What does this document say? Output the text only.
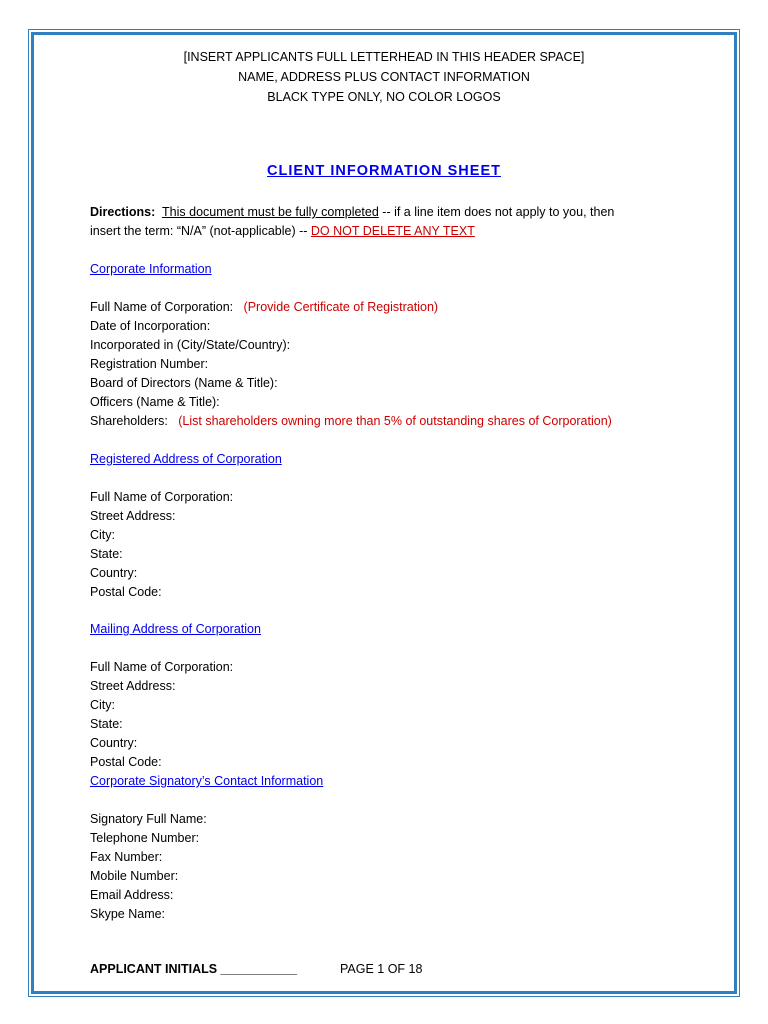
[INSERT APPLICANTS FULL LETTERHEAD IN THIS HEADER SPACE]
NAME, ADDRESS PLUS CONTACT INFORMATION
BLACK TYPE ONLY, NO COLOR LOGOS
CLIENT INFORMATION SHEET
Directions: This document must be fully completed -- if a line item does not apply to you, then
insert the term: “N/A” (not-applicable) -- DO NOT DELETE ANY TEXT
Corporate Information
Full Name of Corporation: (Provide Certificate of Registration)
Date of Incorporation:
Incorporated in (City/State/Country):
Registration Number:
Board of Directors (Name & Title):
Officers (Name & Title):
Shareholders: (List shareholders owning more than 5% of outstanding shares of Corporation)
Registered Address of Corporation
Full Name of Corporation:
Street Address:
City:
State:
Country:
Postal Code:
Mailing Address of Corporation
Full Name of Corporation:
Street Address:
City:
State:
Country:
Postal Code:
Corporate Signatory’s Contact Information
Signatory Full Name:
Telephone Number:
Fax Number:
Mobile Number:
Email Address:
Skype Name:
APPLICANT INITIALS ___________	PAGE 1 OF 18
